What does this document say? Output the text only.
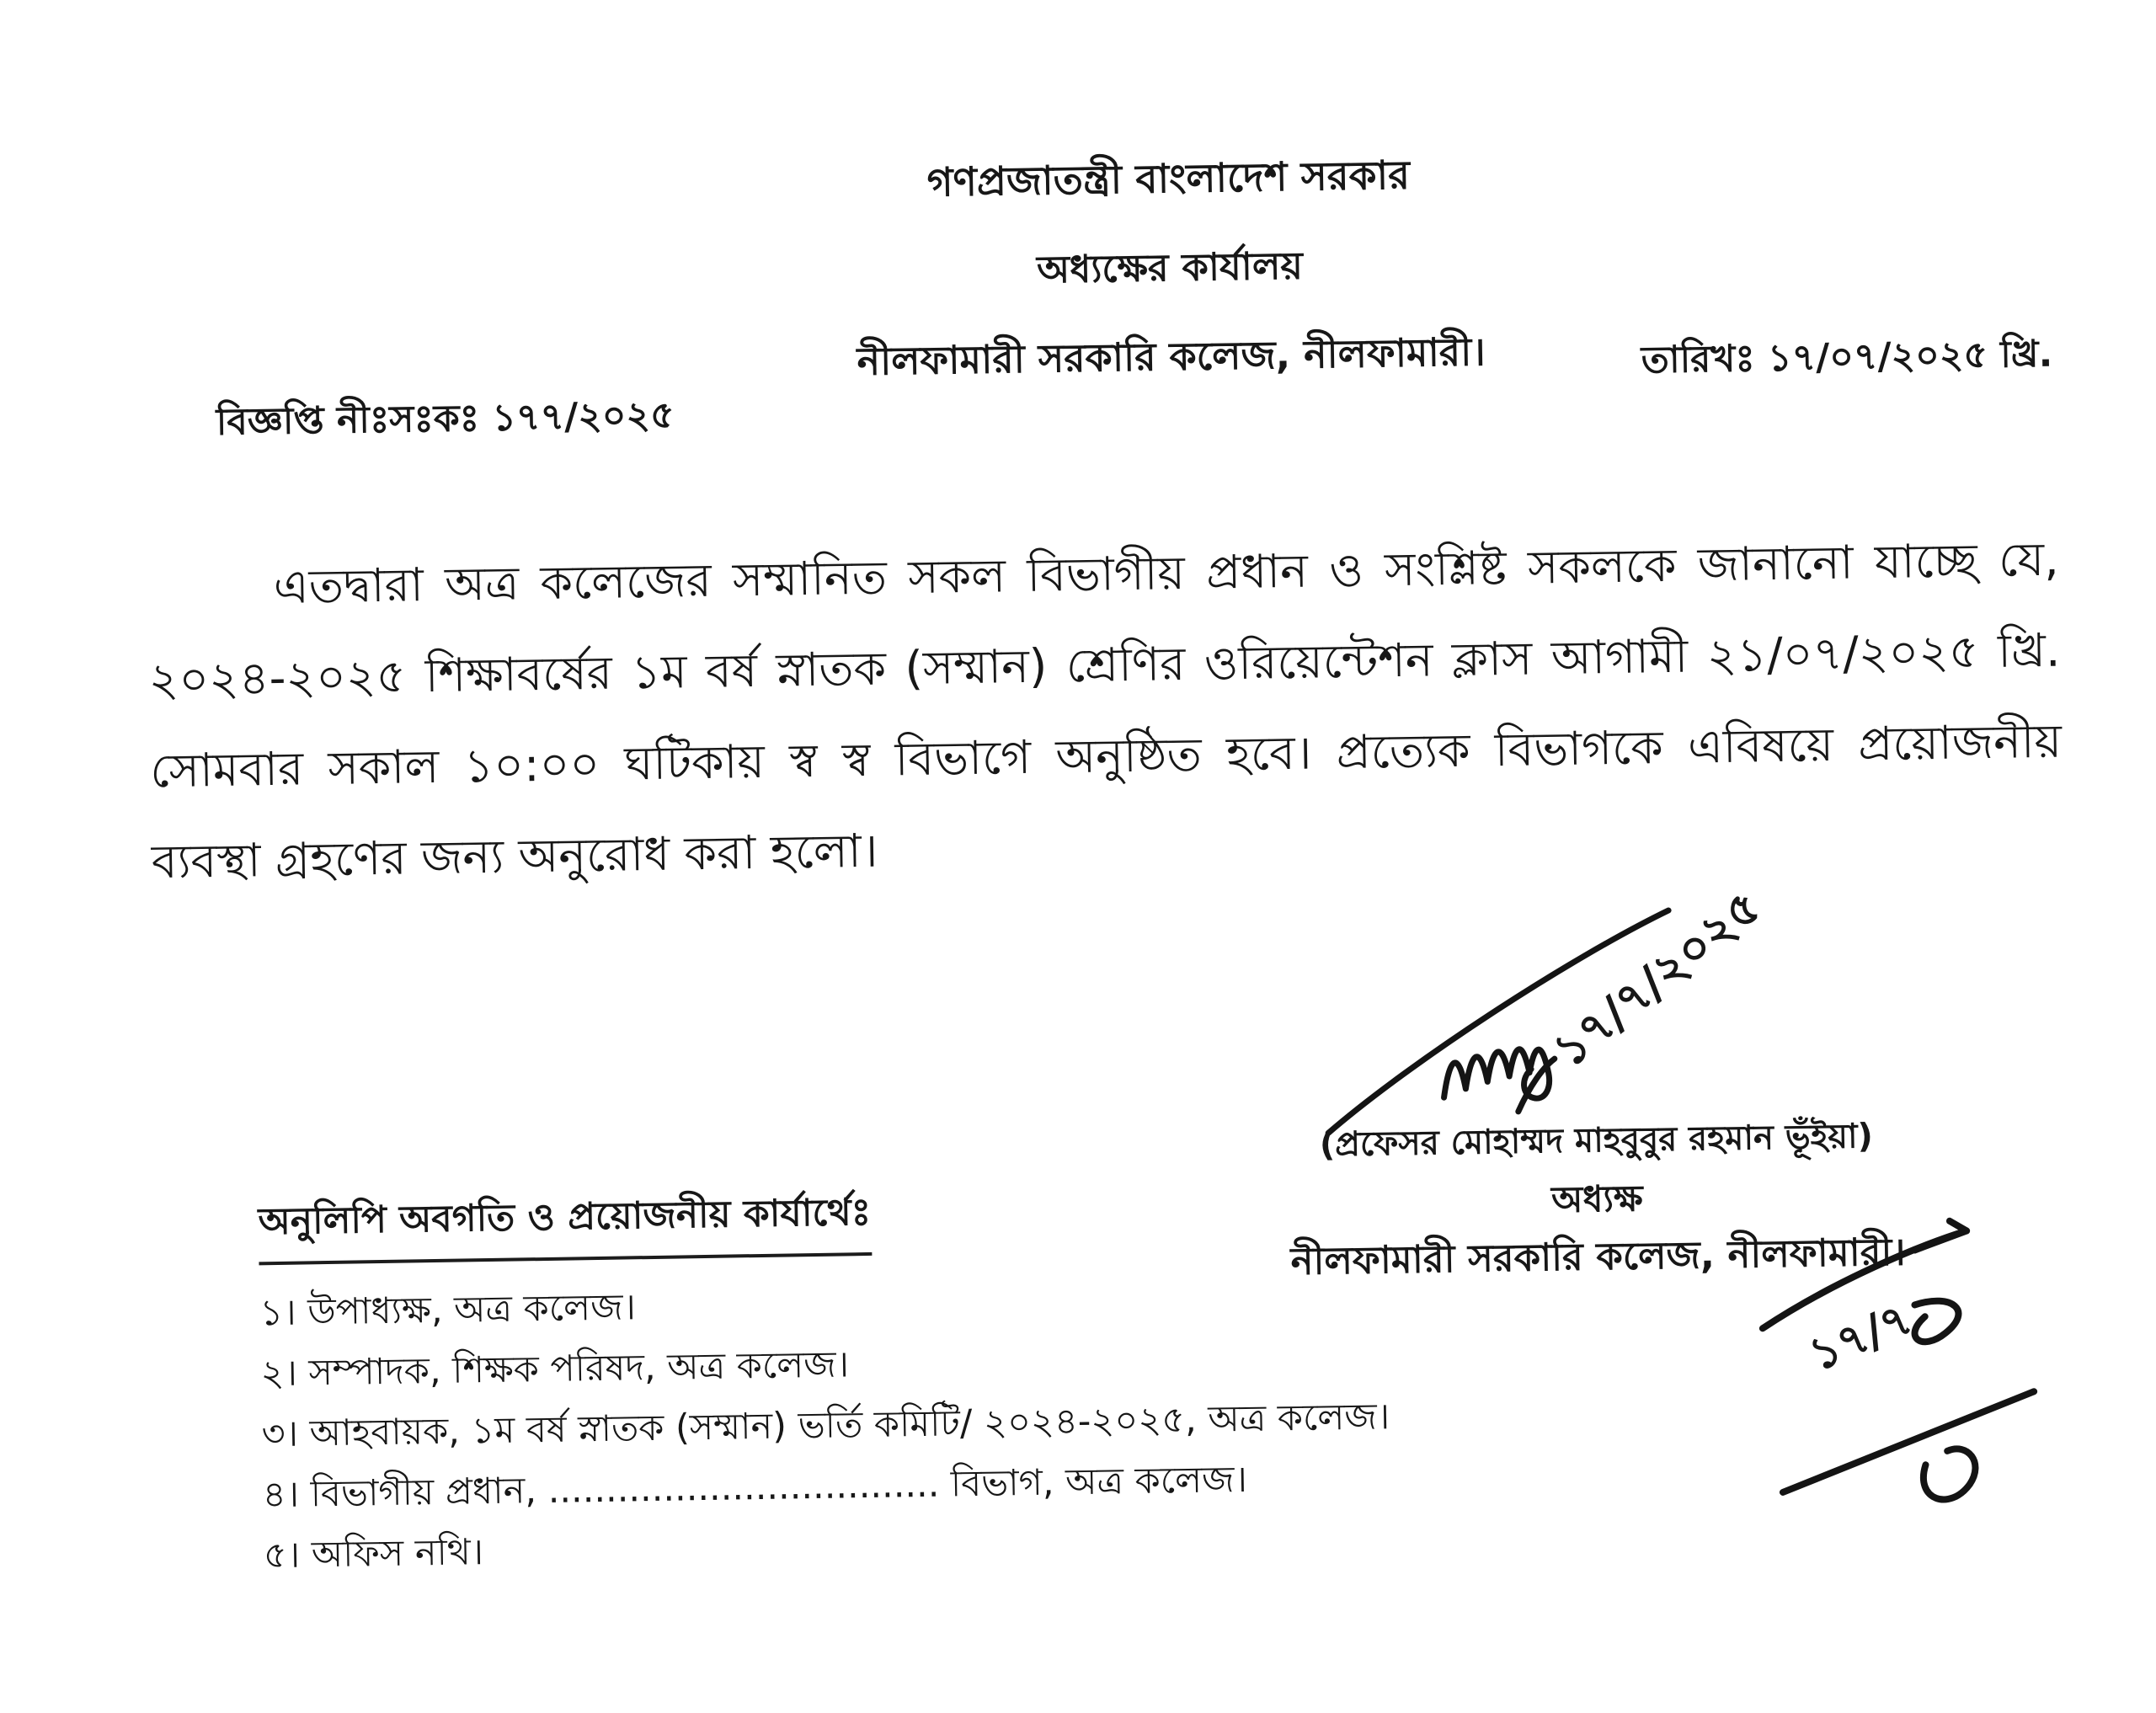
গণপ্রজাতন্ত্রী বাংলাদেশ সরকার
অধ্যক্ষের কার্যালয়
নীলফামারী সরকারি কলেজ, নীলফামারী।
বিজ্ঞপ্তি নীঃসঃকঃ ১৭৭/২০২৫
তারিখঃ ১৭/০৭/২০২৫ খ্রি.
এতদ্বারা অত্র কলেজের সম্মানিত সকল বিভাগীয় প্রধান ও সংশ্লিষ্ট সকলকে জানানো যাচ্ছে যে, ২০২৪-২০২৫ শিক্ষাবর্ষের ১ম বর্ষ স্নাতক (সম্মান) শ্রেণির ওরিয়েন্টেশন ক্লাস আগামী ২১/০৭/২০২৫ খ্রি. সোমবার সকাল ১০:০০ ঘটিকায় স্ব স্ব বিভাগে অনুষ্ঠিত হবে। প্রত্যেক বিভাগকে এবিষয়ে প্রয়োজনীয় ব্যবস্থা গ্রহণের জন্য অনুরোধ করা হলো।
১৭/৭/২০২৫
(প্রফেসর মোহাম্মদ মাহবুবুর রহমান ভূঁইয়া)
অধ্যক্ষ
নীলফামারী সরকারি কলেজ, নীলফামারী।
অনুলিপি অবগতি ও প্রয়োজনীয় কার্যার্থেঃ
১। উপাধ্যক্ষ, অত্র কলেজ।
২। সম্পাদক, শিক্ষক পরিষদ, অত্র কলেজ।
৩। আহবায়ক, ১ম বর্ষ স্নাতক (সম্মান) ভর্তি কমিটি/ ২০২৪-২০২৫, অত্র কলেজ।
৪। বিভাগীয় প্রধান, .................................. বিভাগ, অত্র কলেজ।
৫। অফিস নথি।
১৭/৭
